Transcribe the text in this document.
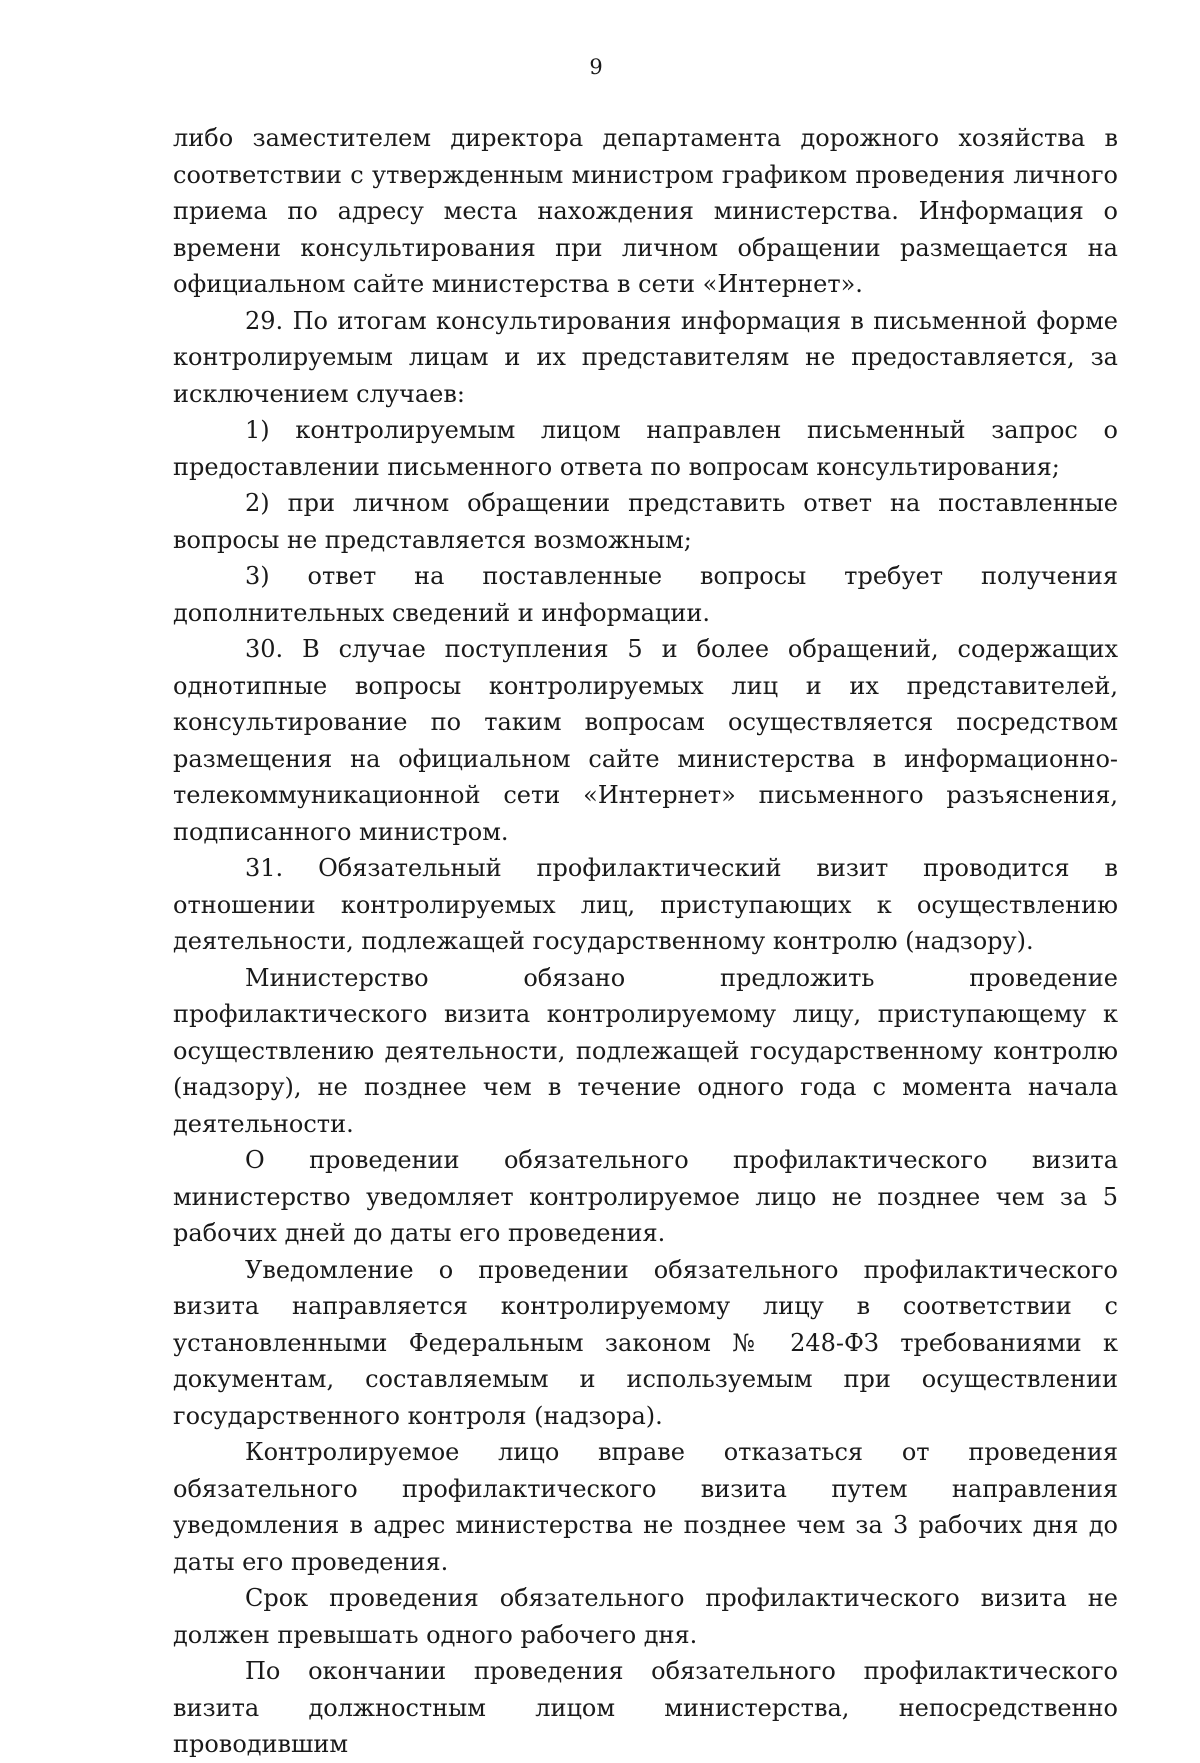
9

либо заместителем директора департамента дорожного хозяйства в соответствии с утвержденным министром графиком проведения личного приема по адресу места нахождения министерства. Информация о времени консультирования при личном обращении размещается на официальном сайте министерства в сети «Интернет».

29. По итогам консультирования информация в письменной форме контролируемым лицам и их представителям не предоставляется, за исключением случаев:

1) контролируемым лицом направлен письменный запрос о предоставлении письменного ответа по вопросам консультирования;

2) при личном обращении представить ответ на поставленные вопросы не представляется возможным;

3) ответ на поставленные вопросы требует получения дополнительных сведений и информации.

30. В случае поступления 5 и более обращений, содержащих однотипные вопросы контролируемых лиц и их представителей, консультирование по таким вопросам осуществляется посредством размещения на официальном сайте министерства в информационно-телекоммуникационной сети «Интернет» письменного разъяснения, подписанного министром.

31. Обязательный профилактический визит проводится в отношении контролируемых лиц, приступающих к осуществлению деятельности, подлежащей государственному контролю (надзору).

Министерство обязано предложить проведение профилактического визита контролируемому лицу, приступающему к осуществлению деятельности, подлежащей государственному контролю (надзору), не позднее чем в течение одного года с момента начала деятельности.

О проведении обязательного профилактического визита министерство уведомляет контролируемое лицо не позднее чем за 5 рабочих дней до даты его проведения.

Уведомление о проведении обязательного профилактического визита направляется контролируемому лицу в соответствии с установленными Федеральным законом № 248-ФЗ требованиями к документам, составляемым и используемым при осуществлении государственного контроля (надзора).

Контролируемое лицо вправе отказаться от проведения обязательного профилактического визита путем направления уведомления в адрес министерства не позднее чем за 3 рабочих дня до даты его проведения.

Срок проведения обязательного профилактического визита не должен превышать одного рабочего дня.

По окончании проведения обязательного профилактического визита должностным лицом министерства, непосредственно проводившим
